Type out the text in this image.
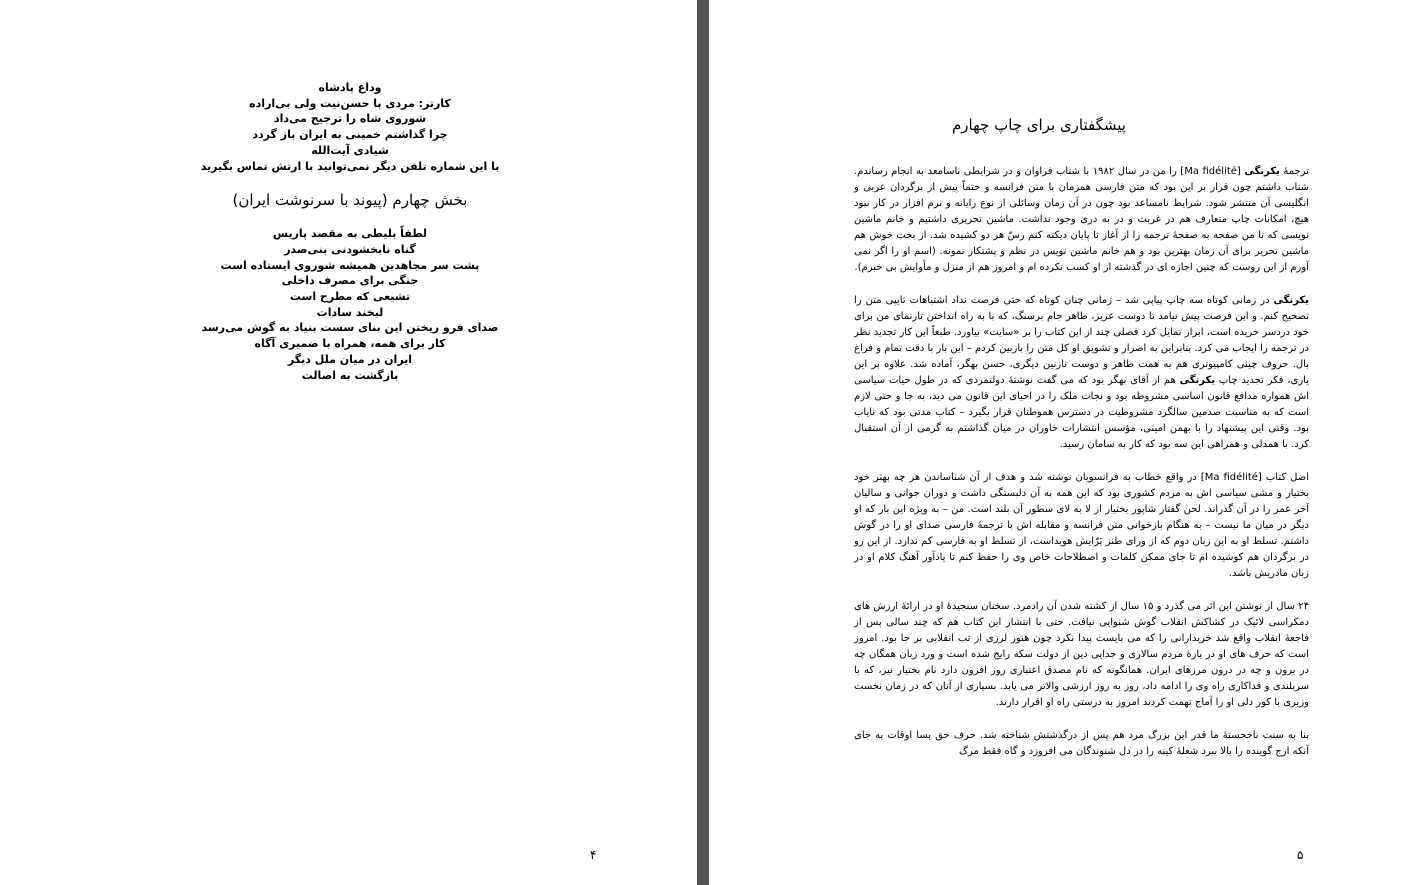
وداع پادشاه
کارتر: مردی با حسن‌نیت ولی بی‌اراده
شوروی شاه را ترجیح می‌داد
چرا گذاشتم خمینی به ایران باز گردد
شیادی آیت‌الله
با این شماره تلفن دیگر نمی‌توانید با ارتش تماس بگیرید
بخش چهارم (پیوند با سرنوشت ایران)
لطفاً بلیطی به مقصد پاریس
گناه نابخشودنی بنی‌صدر
پشت سر مجاهدین همیشه شوروی ایستاده است
جنگی برای مصرف داخلی
تشیعی که مطرح است
لبخند سادات
صدای فرو ریختن این بنای سست بنیاد به گوش می‌رسد
کار برای همه، همراه با ضمیری آگاه
ایران در میان ملل دیگر
بازگشت به اصالت
۴
پیشگفتاری برای چاپ چهارم

ترجمهٔ یکرنگی [Ma fidélité] را من در سال ۱۹۸۲ با شتاب فراوان و در شرایطی ناسامعد به انجام رساندم. شتاب داشتم چون قرار بر این بود که متن فارسی همزمان با متن فرانسه و حتماً پیش از برگردان عربی و انگلیسی آن منتشر شود. شرایط نامساعد بود چون در آن زمان وسائلی از نوع رایانه و نرم افزار در کار نبود هیچ، امکانات چاپ متعارف هم در غربت و در به دری وجود نداشت. ماشین تحریری داشتیم و خانم ماشین نویسی که تا من صفحه به صفحهٔ ترجمه را از آغاز تا پایان دیکته کنم رسّ هر دو کشیده شد. از بخت خوش هم ماشین تحریر برای آن زمان بهترین بود و هم خانم ماشین نویس در نظم و پشتکار نمونه. (اسم او را اگر نمی آورم از این روست که چنین اجازه ای در گذشته از او کسب نکرده ام و امروز هم از منزل و مأوایش بی خبرم).

یکرنگی در زمانی کوتاه سه چاپ پیاپی شد – زمانی چنان کوتاه که حتی فرصت نداد اشتباهات تایپی متن را تصحیح کنم. و این فرصت پیش نیامد تا دوست عزیز، طاهر جام برسنگ، که با به راه انداختن تارنمای من برای خود دردسر خریده است، ابراز تمایل کرد فصلی چند از این کتاب را بر «سایت» بیاورد. طبعاً این کار تجدید نظر در ترجمه را ایجاب می کرد. بنابراین به اصرار و تشویق او کل متن را بازبین کردم – این بار با دقت تمام و فراغ بال. حروف چینی کامپیوتری هم به همت طاهر و دوست نازنین دیگری، حسن بهگر، آماده شد. علاوه بر این یاری، فکر تجدید چاپ یکرنگی هم از آقای بهگر بود که می گفت نوشتهٔ دولتمردی که در طول حیات سیاسی اش همواره مدافع قانون اساسی مشروطه بود و نجات ملک را در احیای این قانون می دید، به جا و حتی لازم است که به مناسبت صدمین سالگرد مشروطیت در دسترس هموطنان قرار بگیرد – کتاب مدتی بود که نایاب بود. وقتی این پیشنهاد را با بهمن امینی، مؤسس انتشارات خاوران در میان گذاشتم به گرمی از آن استقبال کرد. با همدلی و همراهی این سه بود که کار به سامان رسید.

اصل کتاب [Ma fidélité] در واقع خطاب به فرانسویان نوشته شد و هدف از آن شناساندن هر چه بهتر خود بختیار و مشی سیاسی اش به مردم کشوری بود که این همه به آن دلبستگی داشت و دوران جوانی و سالیان آخر عمر را در آن گذراند. لحن گفتار شاپور بختیار از لا به لای سطور آن بلند است. من – به ویژه این بار که او دیگر در میان ما نیست – به هنگام بازخوانی متن فرانسه و مقابله اش با ترجمهٔ فارسی صدای او را در گوش داشتم. تسلط او به این زبان دوم که از ورای طنز بَرّایش هویداست، از تسلط او به فارسی کم ندارد. از این رو در برگردان هم کوشیده ام تا جای ممکن کلمات و اصطلاحات خاص وی را حفظ کنم تا یادآور آهنگ کلام او در زبان مادریش باشد.

۲۴ سال از نوشتن این اثر می گذرد و ۱۵ سال از کشته شدن آن رادمرد. سخنان سنجیدهٔ او در ارائهٔ ارزش های دمکراسی لائیک در کشاکش انقلاب گوش شنوایی نیافت. حتی با انتشار این کتاب هم که چند سالی پس از فاجعهٔ انقلاب واقع شد خریدارانی را که می بایست پیدا نکرد چون هنوز لرزی از تب انقلابی بر جا بود. امروز است که حرف های او در بارهٔ مردم سالاری و جدایی دین از دولت سکه رایج شده است و ورد زبان همگان چه در برون و چه در درون مرزهای ایران. همانگونه که نام مصدق اعتباری روز افزون دارد نام بختیار نیز، که با سربلندی و فداکاری راه وی را ادامه داد، روز به روز ارزشی والاتر می یابد. بسیاری از آنان که در زمان نخست وزیری با کور دلی او را آماج تهمت کردند امروز به درستی راه او اقرار دارند.

بنا به سنت ناخجستهٔ ما قدر این بزرگ مرد هم پس از درگذشتش شناخته شد. حرف حق بسا اوقات به جای آنکه ارج گوینده را بالا ببرد شعلهٔ کینه را در دل شنوندگان می افروزد و گاه فقط مرگ

۵
